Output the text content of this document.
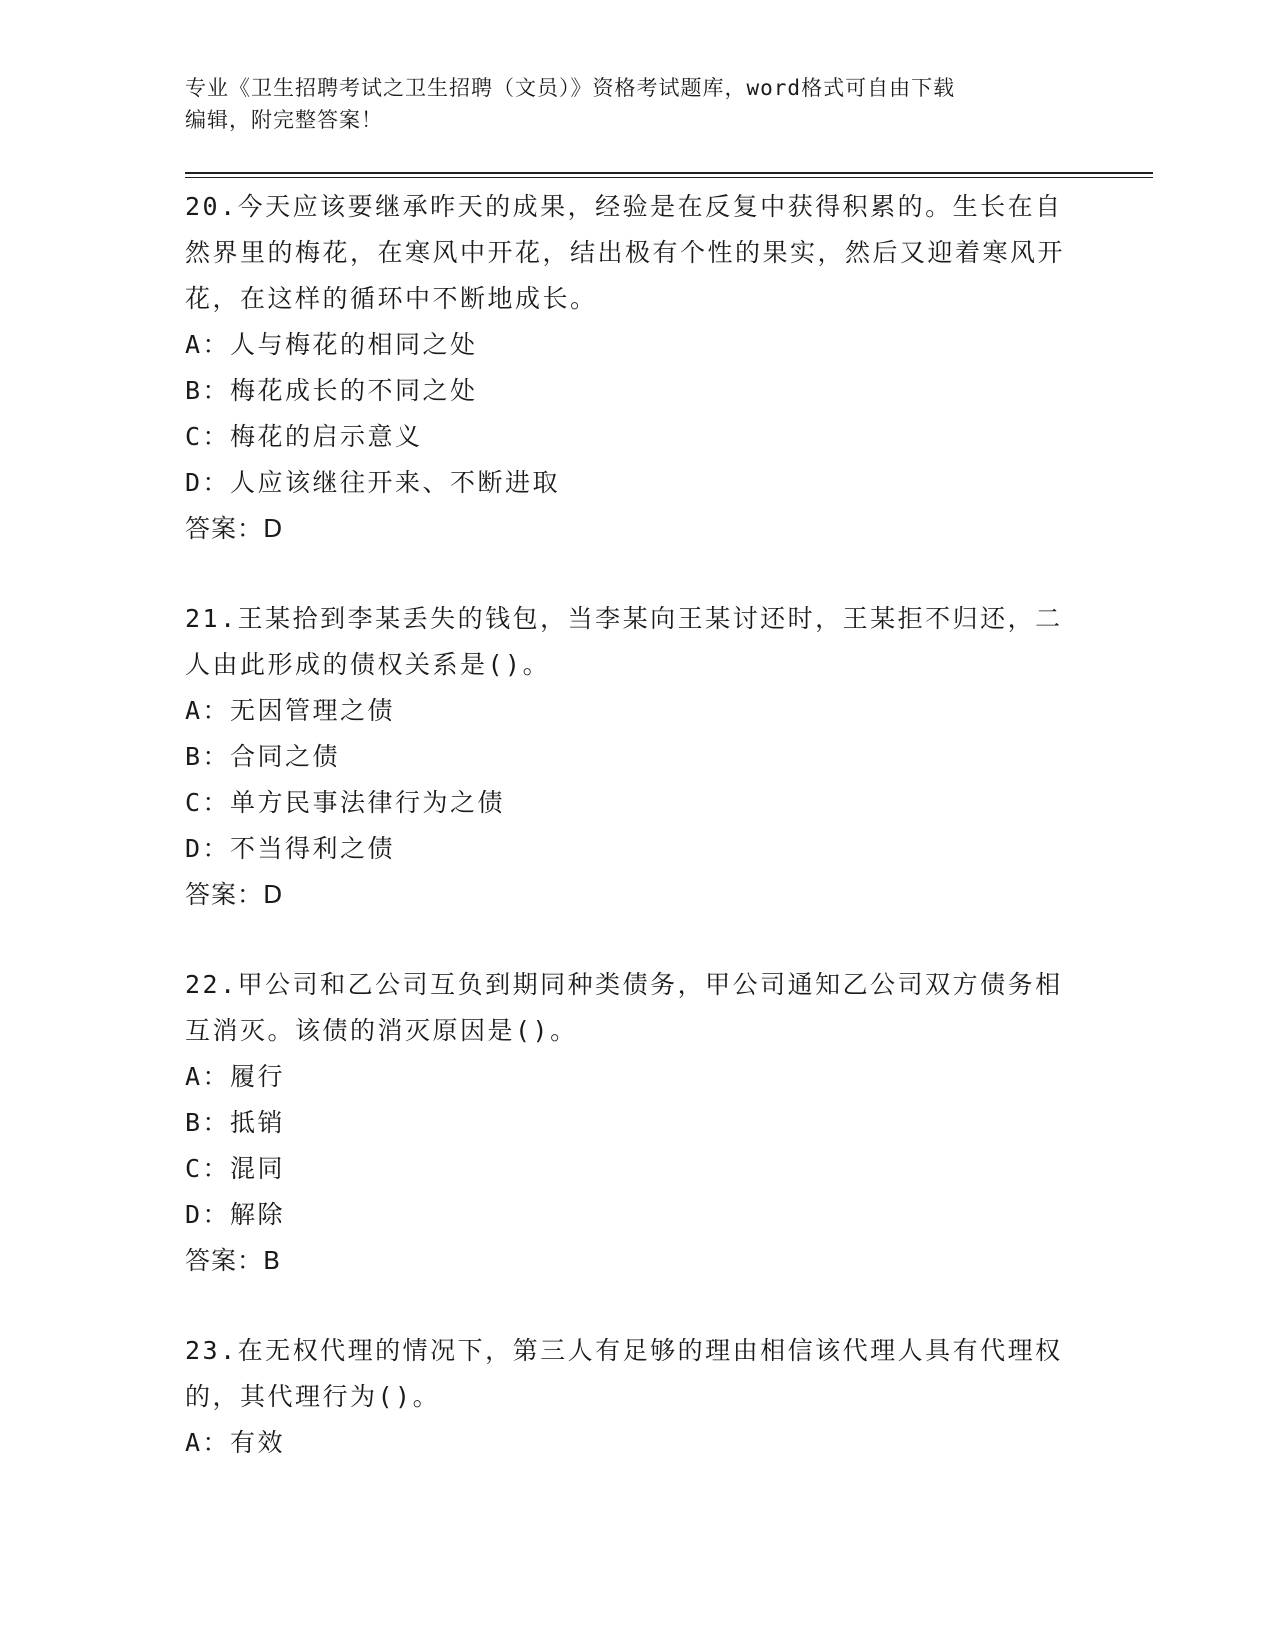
专业《卫生招聘考试之卫生招聘（文员）》资格考试题库，word格式可自由下载
编辑，附完整答案！

20.今天应该要继承昨天的成果，经验是在反复中获得积累的。生长在自然界里的梅花，在寒风中开花，结出极有个性的果实，然后又迎着寒风开花，在这样的循环中不断地成长。

A：人与梅花的相同之处

B：梅花成长的不同之处

C：梅花的启示意义

D：人应该继往开来、不断进取

答案：D

21.王某拾到李某丢失的钱包，当李某向王某讨还时，王某拒不归还，二人由此形成的债权关系是()。

A：无因管理之债

B：合同之债

C：单方民事法律行为之债

D：不当得利之债

答案：D

22.甲公司和乙公司互负到期同种类债务，甲公司通知乙公司双方债务相互消灭。该债的消灭原因是()。

A：履行

B：抵销

C：混同

D：解除

答案：B

23.在无权代理的情况下，第三人有足够的理由相信该代理人具有代理权的，其代理行为()。

A：有效
